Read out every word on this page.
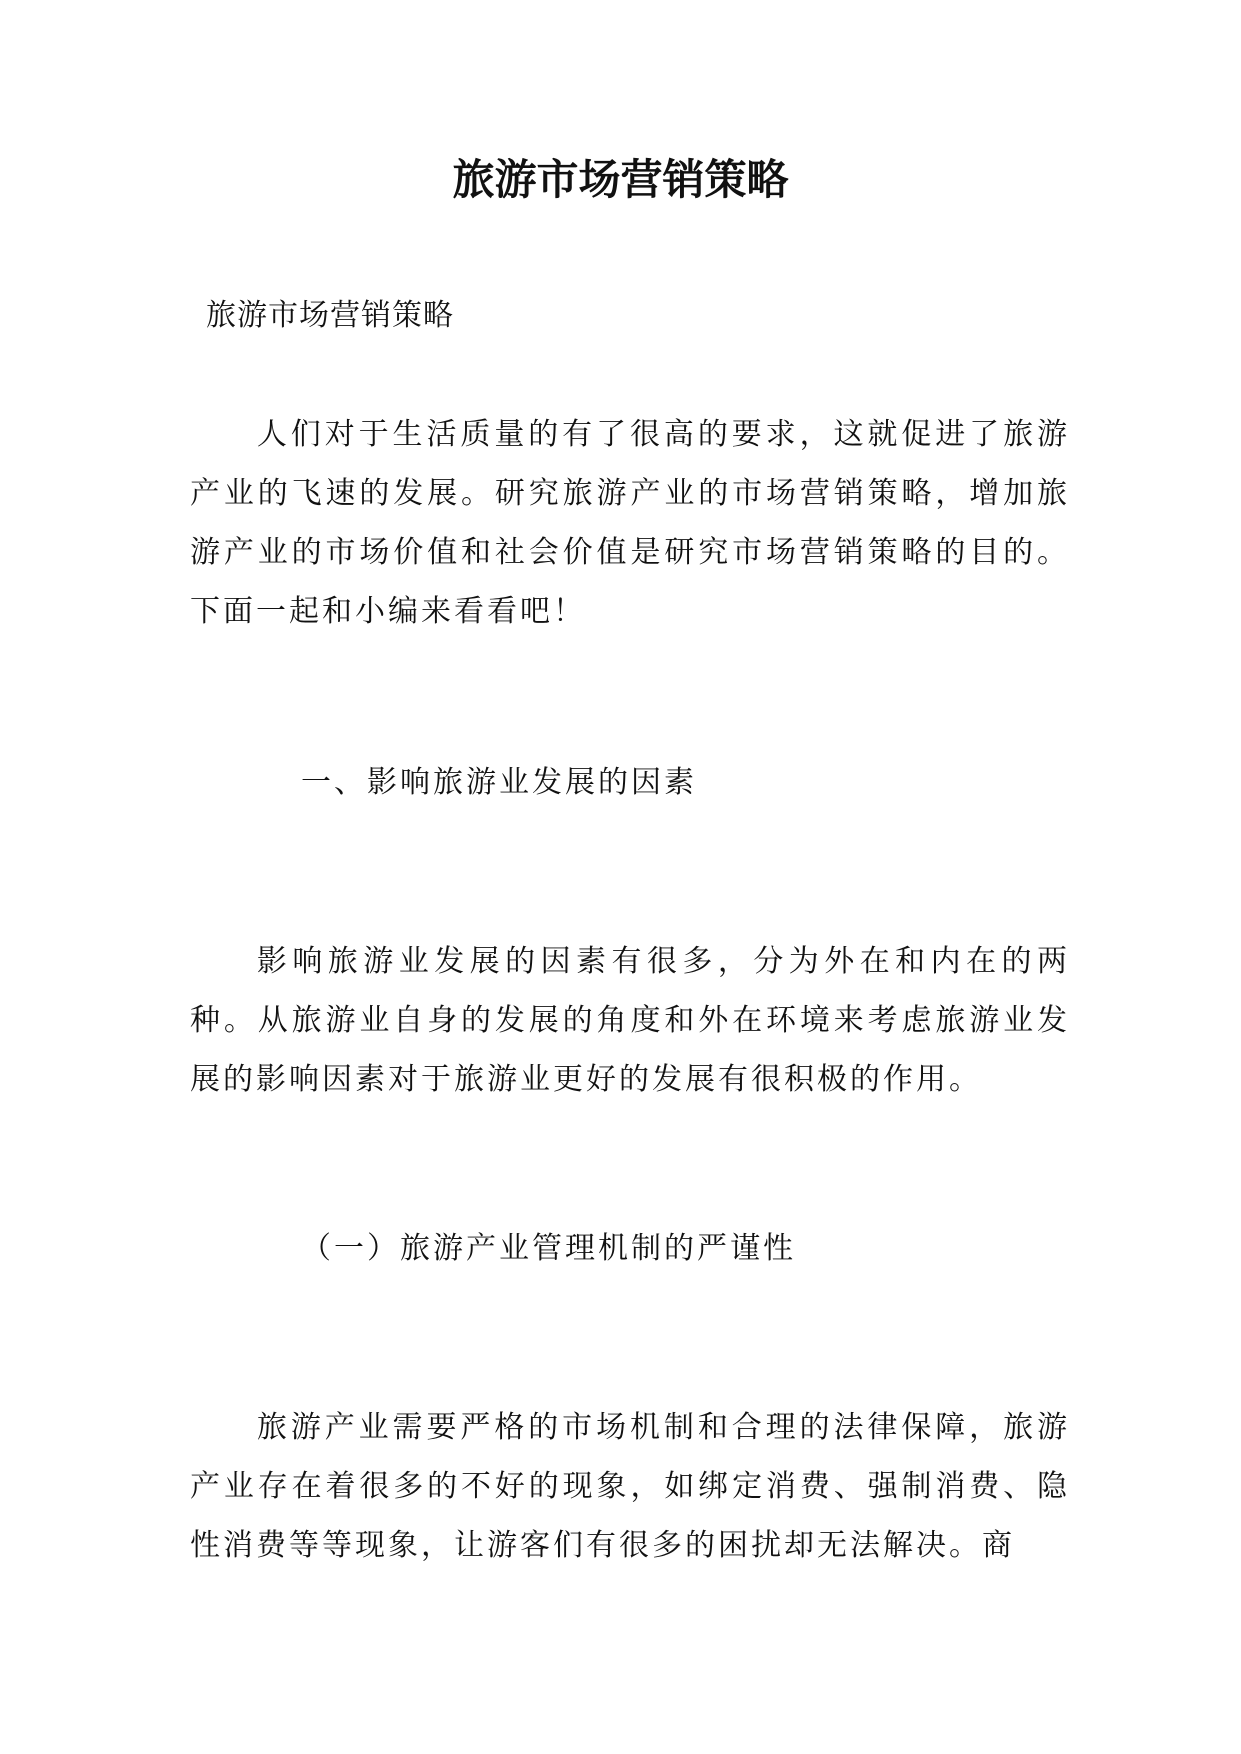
旅游市场营销策略
旅游市场营销策略

人们对于生活质量的有了很高的要求，这就促进了旅游产业的飞速的发展。研究旅游产业的市场营销策略，增加旅游产业的市场价值和社会价值是研究市场营销策略的目的。下面一起和小编来看看吧！

一、影响旅游业发展的因素

影响旅游业发展的因素有很多，分为外在和内在的两种。从旅游业自身的发展的角度和外在环境来考虑旅游业发展的影响因素对于旅游业更好的发展有很积极的作用。

（一）旅游产业管理机制的严谨性

旅游产业需要严格的市场机制和合理的法律保障，旅游产业存在着很多的不好的现象，如绑定消费、强制消费、隐性消费等等现象，让游客们有很多的困扰却无法解决。商
